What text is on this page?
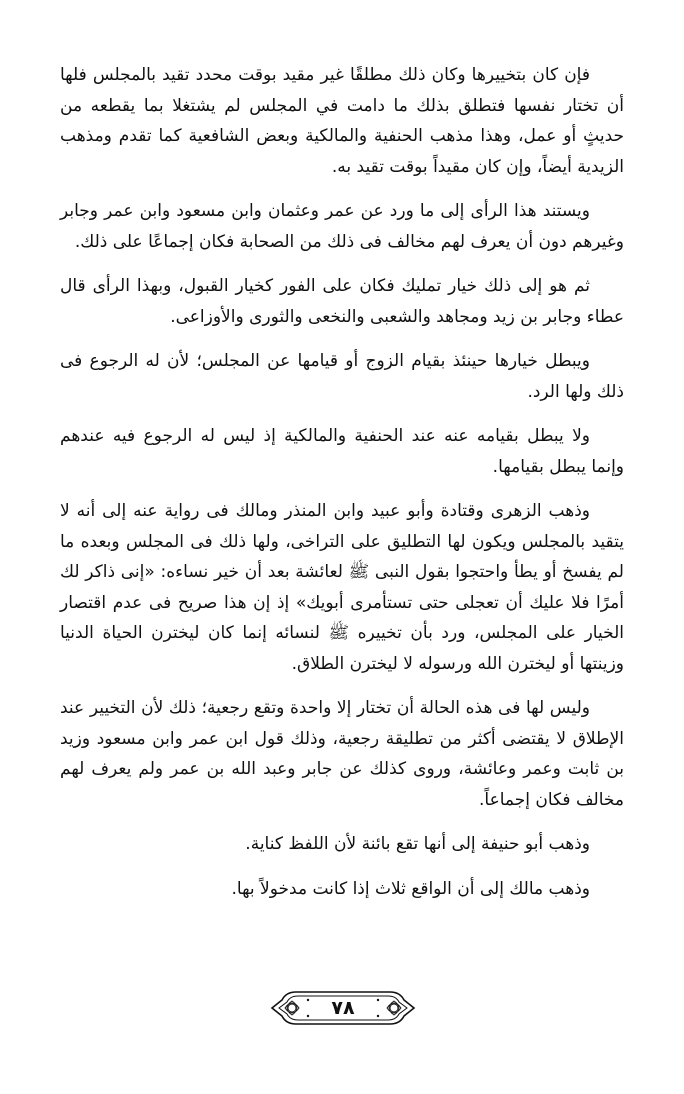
فإن كان بتخييرها وكان ذلك مطلقًا غير مقيد بوقت محدد تقيد بالمجلس فلها أن تختار نفسها فتطلق بذلك ما دامت في المجلس لم يشتغلا بما يقطعه من حديثٍ أو عمل، وهذا مذهب الحنفية والمالكية وبعض الشافعية كما تقدم ومذهب الزيدية أيضاً، وإن كان مقيداً بوقت تقيد به.

ويستند هذا الرأى إلى ما ورد عن عمر وعثمان وابن مسعود وابن عمر وجابر وغيرهم دون أن يعرف لهم مخالف فى ذلك من الصحابة فكان إجماعًا على ذلك.

ثم هو إلى ذلك خيار تمليك فكان على الفور كخيار القبول، وبهذا الرأى قال عطاء وجابر بن زيد ومجاهد والشعبى والنخعى والثورى والأوزاعى.

ويبطل خيارها حينئذ بقيام الزوج أو قيامها عن المجلس؛ لأن له الرجوع فى ذلك ولها الرد.

ولا يبطل بقيامه عنه عند الحنفية والمالكية إذ ليس له الرجوع فيه عندهم وإنما يبطل بقيامها.

وذهب الزهرى وقتادة وأبو عبيد وابن المنذر ومالك فى رواية عنه إلى أنه لا يتقيد بالمجلس ويكون لها التطليق على التراخى، ولها ذلك فى المجلس وبعده ما لم يفسخ أو يطأ واحتجوا بقول النبى ﷺ لعائشة بعد أن خير نساءه: «إنى ذاكر لك أمرًا فلا عليك أن تعجلى حتى تستأمرى أبويك» إذ إن هذا صريح فى عدم اقتصار الخيار على المجلس، ورد بأن تخييره ﷺ لنسائه إنما كان ليخترن الحياة الدنيا وزينتها أو ليخترن الله ورسوله لا ليخترن الطلاق.

وليس لها فى هذه الحالة أن تختار إلا واحدة وتقع رجعية؛ ذلك لأن التخيير عند الإطلاق لا يقتضى أكثر من تطليقة رجعية، وذلك قول ابن عمر وابن مسعود وزيد بن ثابت وعمر وعائشة، وروى كذلك عن جابر وعبد الله بن عمر ولم يعرف لهم مخالف فكان إجماعاً.

وذهب أبو حنيفة إلى أنها تقع بائنة لأن اللفظ كناية.

وذهب مالك إلى أن الواقع ثلاث إذا كانت مدخولاً بها.

٧٨
